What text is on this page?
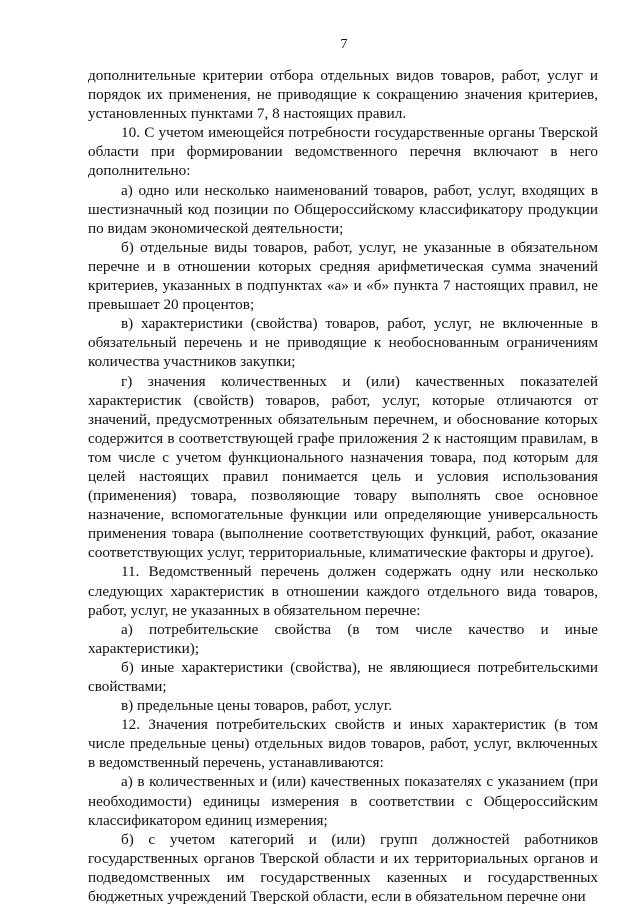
7

дополнительные критерии отбора отдельных видов товаров, работ, услуг и порядок их применения, не приводящие к сокращению значения критериев, установленных пунктами 7, 8 настоящих правил.

10. С учетом имеющейся потребности государственные органы Тверской области при формировании ведомственного перечня включают в него дополнительно:

а) одно или несколько наименований товаров, работ, услуг, входящих в шестизначный код позиции по Общероссийскому классификатору продукции по видам экономической деятельности;

б) отдельные виды товаров, работ, услуг, не указанные в обязательном перечне и в отношении которых средняя арифметическая сумма значений критериев, указанных в подпунктах «а» и «б» пункта 7 настоящих правил, не превышает 20 процентов;

в) характеристики (свойства) товаров, работ, услуг, не включенные в обязательный перечень и не приводящие к необоснованным ограничениям количества участников закупки;

г) значения количественных и (или) качественных показателей характеристик (свойств) товаров, работ, услуг, которые отличаются от значений, предусмотренных обязательным перечнем, и обоснование которых содержится в соответствующей графе приложения 2 к настоящим правилам, в том числе с учетом функционального назначения товара, под которым для целей настоящих правил понимается цель и условия использования (применения) товара, позволяющие товару выполнять свое основное назначение, вспомогательные функции или определяющие универсальность применения товара (выполнение соответствующих функций, работ, оказание соответствующих услуг, территориальные, климатические факторы и другое).

11. Ведомственный перечень должен содержать одну или несколько следующих характеристик в отношении каждого отдельного вида товаров, работ, услуг, не указанных в обязательном перечне:

а) потребительские свойства (в том числе качество и иные характеристики);

б) иные характеристики (свойства), не являющиеся потребительскими свойствами;

в) предельные цены товаров, работ, услуг.

12. Значения потребительских свойств и иных характеристик (в том числе предельные цены) отдельных видов товаров, работ, услуг, включенных в ведомственный перечень, устанавливаются:

а) в количественных и (или) качественных показателях с указанием (при необходимости) единицы измерения в соответствии с Общероссийским классификатором единиц измерения;

б) с учетом категорий и (или) групп должностей работников государственных органов Тверской области и их территориальных органов и подведомственных им государственных казенных и государственных бюджетных учреждений Тверской области, если в обязательном перечне они
